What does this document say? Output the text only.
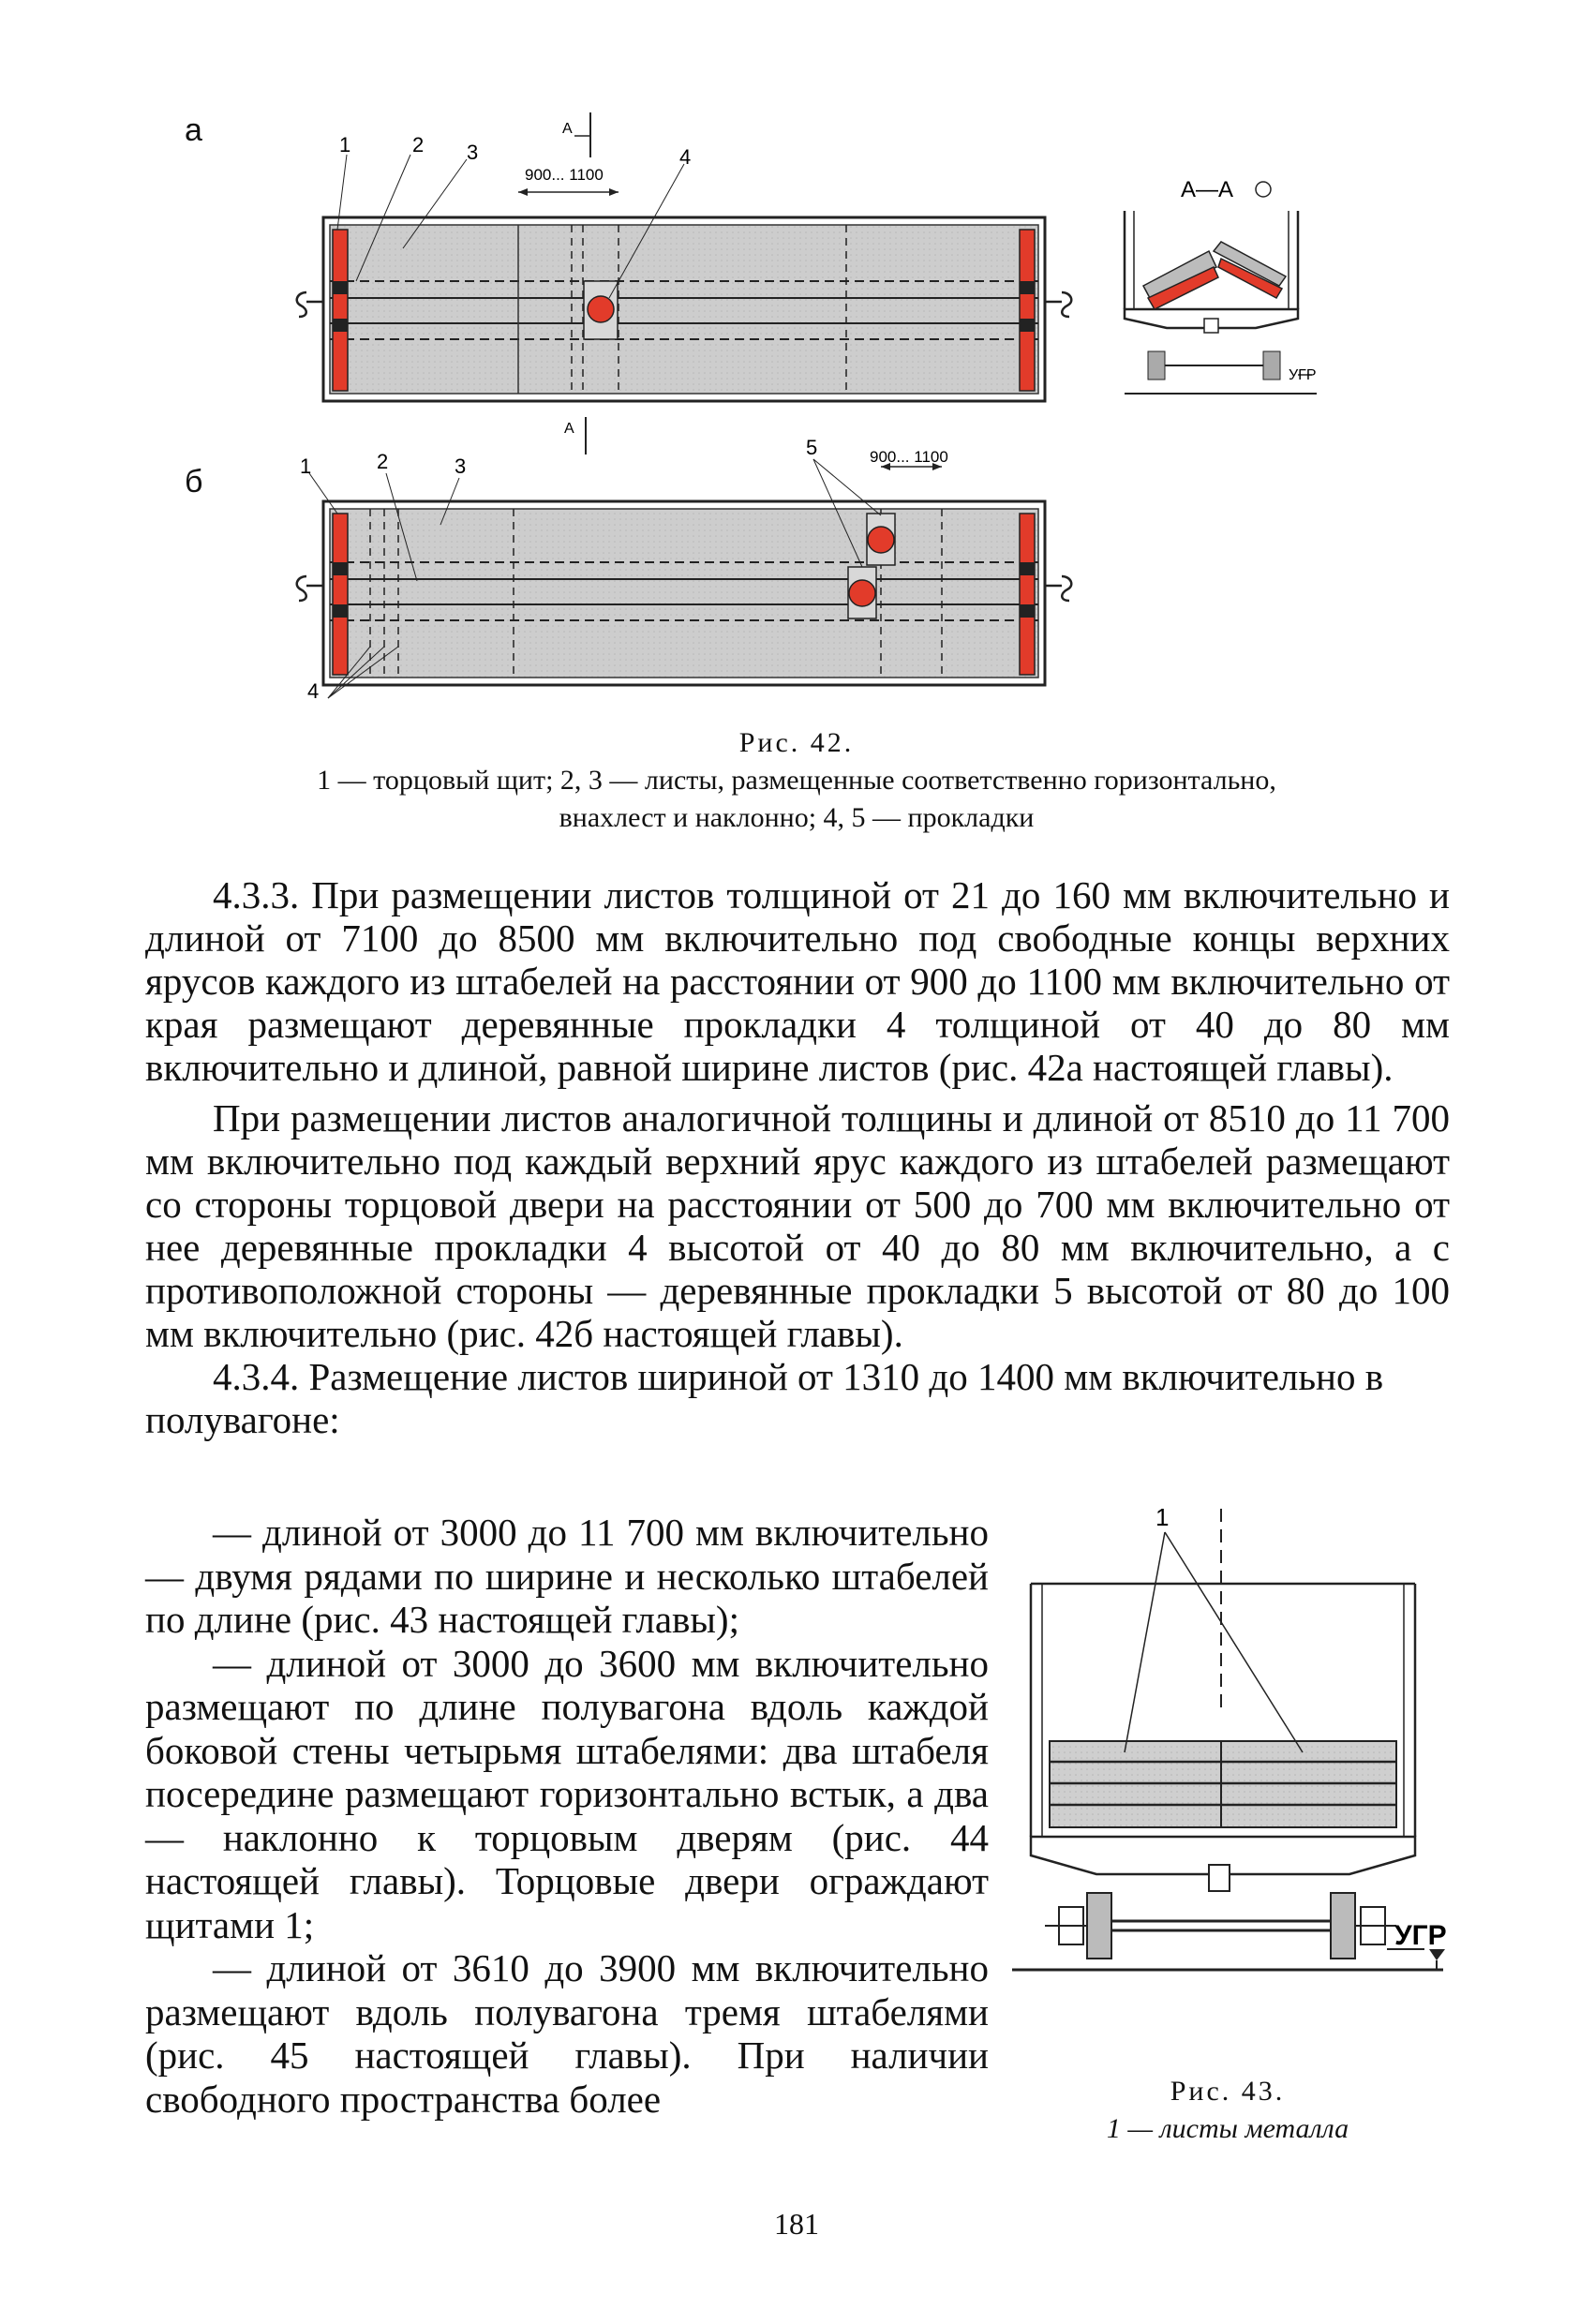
а
б
1	2 3	4
А
900... 1100
А—А
УГР
1	2	3
4
5
А
900... 1100
Рис. 42.
1 — торцовый щит; 2, 3 — листы, размещенные соответственно горизонтально,
внахлест и наклонно; 4, 5 — прокладки

4.3.3. При размещении листов толщиной от 21 до 160 мм включительно и длиной от 7100 до 8500 мм включительно под свободные концы верхних ярусов каждого из штабелей на расстоянии от 900 до 1100 мм включительно от края размещают деревянные прокладки 4 толщиной от 40 до 80 мм включительно и длиной, равной ширине листов (рис. 42а настоящей главы).

При размещении листов аналогичной толщины и длиной от 8510 до 11 700 мм включительно под каждый верхний ярус каждого из штабелей размещают со стороны торцовой двери на расстоянии от 500 до 700 мм включительно от нее деревянные прокладки 4 высотой от 40 до 80 мм включительно, а с противоположной стороны — деревянные прокладки 5 высотой от 80 до 100 мм включительно (рис. 42б настоящей главы).

4.3.4. Размещение листов шириной от 1310 до 1400 мм включительно в полувагоне:

— длиной от 3000 до 11 700 мм включительно — двумя рядами по ширине и несколько штабелей по длине (рис. 43 настоящей главы);

— длиной от 3000 до 3600 мм включительно размещают по длине полувагона вдоль каждой боковой стены четырьмя штабелями: два штабеля посередине размещают горизонтально встык, а два — наклонно к торцовым дверям (рис. 44 настоящей главы). Торцовые двери ограждают щитами 1;

— длиной от 3610 до 3900 мм включительно размещают вдоль полувагона тремя штабелями (рис. 45 настоящей главы). При наличии свободного пространства более

УГР
1
Рис. 43.
1 — листы металла
181
